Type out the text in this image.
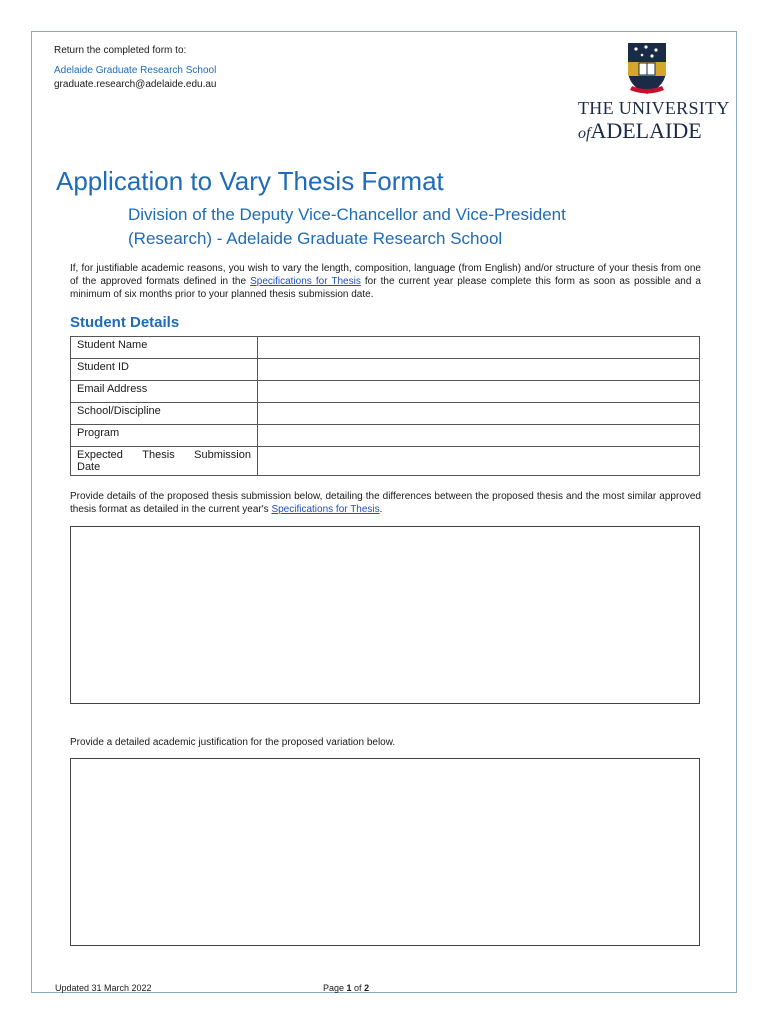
Return the completed form to:
Adelaide Graduate Research School
graduate.research@adelaide.edu.au
THE UNIVERSITY
ofADELAIDE
Application to Vary Thesis Format
Division of the Deputy Vice-Chancellor and Vice-President (Research) - Adelaide Graduate Research School
If, for justifiable academic reasons, you wish to vary the length, composition, language (from English) and/or structure of your thesis from one of the approved formats defined in the Specifications for Thesis for the current year please complete this form as soon as possible and a minimum of six months prior to your planned thesis submission date.
Student Details
Student Name	
Student ID	
Email Address	
School/Discipline	
Program	

Expected Thesis Submission
Date	

Provide details of the proposed thesis submission below, detailing the differences between the proposed thesis and the most similar approved thesis format as detailed in the current year's Specifications for Thesis.
Provide a detailed academic justification for the proposed variation below.
Updated 31 March 2022	Page 1 of 2
